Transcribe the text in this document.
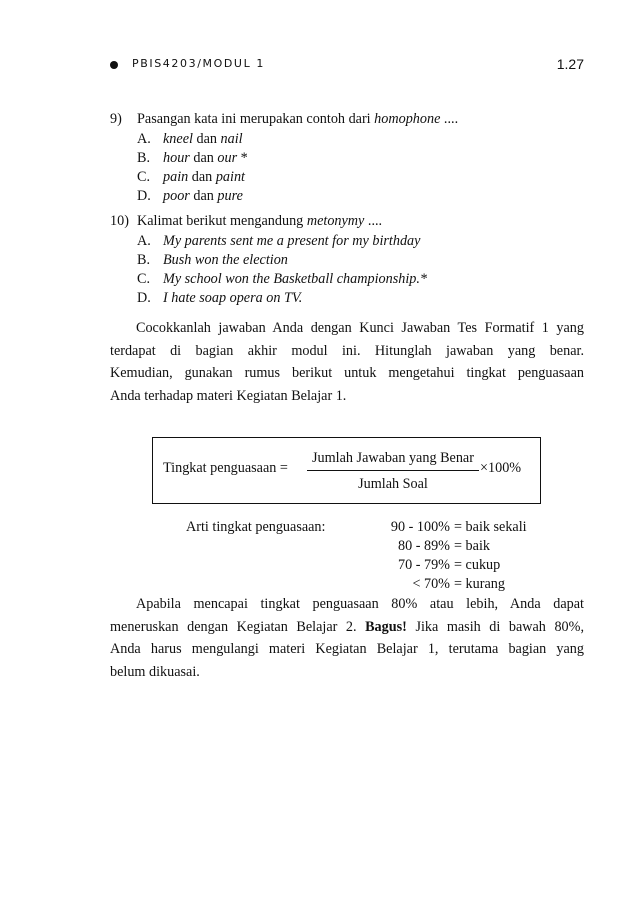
PBIS4203/MODUL 1	1.27
9) Pasangan kata ini merupakan contoh dari homophone ....
A. kneel dan nail
B. hour dan our *
C. pain dan paint
D. poor dan pure
10) Kalimat berikut mengandung metonymy ....
A. My parents sent me a present for my birthday
B. Bush won the election
C. My school won the Basketball championship.*
D. I hate soap opera on TV.
Cocokkanlah jawaban Anda dengan Kunci Jawaban Tes Formatif 1 yang
terdapat di bagian akhir modul ini. Hitunglah jawaban yang benar.
Kemudian, gunakan rumus berikut untuk mengetahui tingkat penguasaan
Anda terhadap materi Kegiatan Belajar 1.
Tingkat penguasaan =
Jumlah Jawaban yang Benar
Jumlah Soal
×100%
Arti tingkat penguasaan:	90 - 100% = baik sekali
80 - 89% = baik
70 - 79% = cukup
< 70% = kurang
Apabila mencapai tingkat penguasaan 80% atau lebih, Anda dapat
meneruskan dengan Kegiatan Belajar 2. Bagus! Jika masih di bawah 80%,
Anda harus mengulangi materi Kegiatan Belajar 1, terutama bagian yang
belum dikuasai.
